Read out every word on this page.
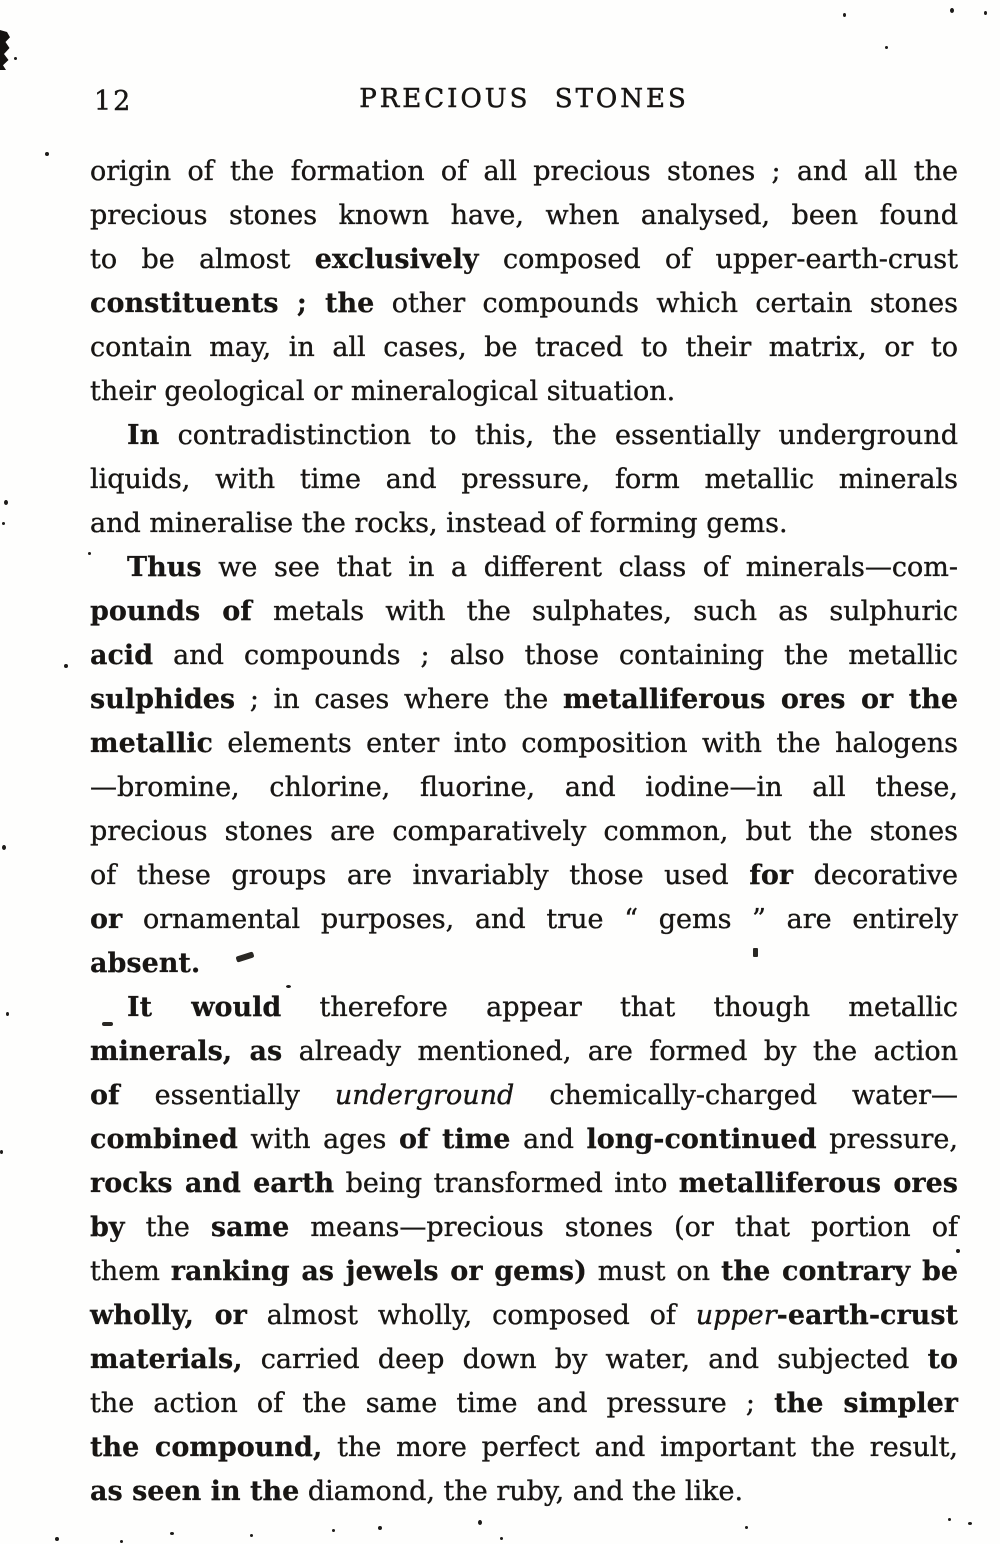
12	PRECIOUS STONES
origin of the formation of all precious stones ; and all the
precious stones known have, when analysed, been found
to be almost exclusively composed of upper-earth-crust
constituents ; the other compounds which certain stones
contain may, in all cases, be traced to their matrix, or to
their geological or mineralogical situation.
In contradistinction to this, the essentially underground
liquids, with time and pressure, form metallic minerals
and mineralise the rocks, instead of forming gems.
Thus we see that in a different class of minerals—com-
pounds of metals with the sulphates, such as sulphuric
acid and compounds ; also those containing the metallic
sulphides ; in cases where the metalliferous ores or the
metallic elements enter into composition with the halogens
—bromine, chlorine, fluorine, and iodine—in all these,
precious stones are comparatively common, but the stones
of these groups are invariably those used for decorative
or ornamental purposes, and true “ gems ” are entirely
absent.
It would therefore appear that though metallic
minerals, as already mentioned, are formed by the action
of essentially underground chemically-charged water—
combined with ages of time and long-continued pressure,
rocks and earth being transformed into metalliferous ores
by the same means—precious stones (or that portion of
them ranking as jewels or gems) must on the contrary be
wholly, or almost wholly, composed of upper-earth-crust
materials, carried deep down by water, and subjected to
the action of the same time and pressure ; the simpler
the compound, the more perfect and important the result,
as seen in the diamond, the ruby, and the like.
